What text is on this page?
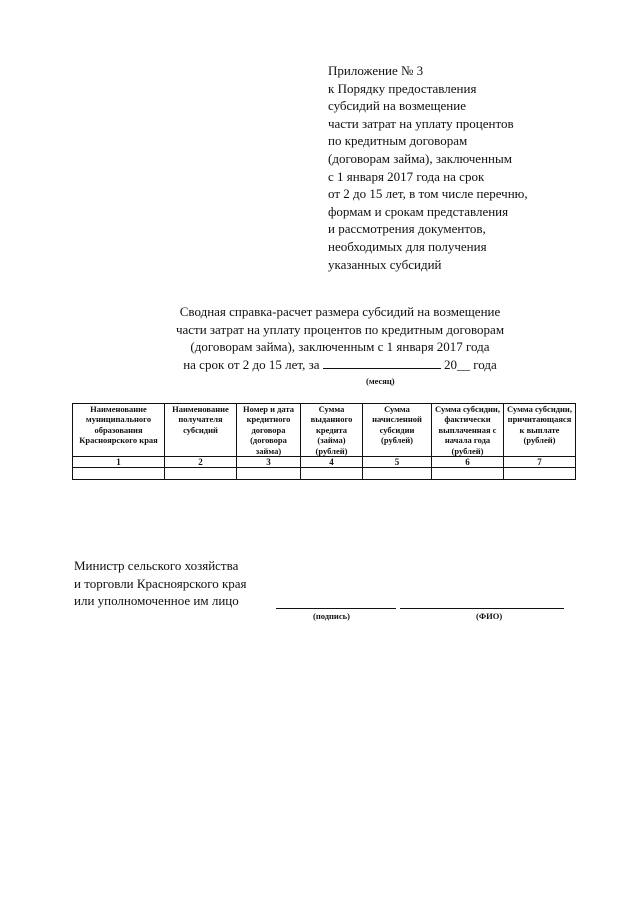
Приложение № 3
к Порядку предоставления
субсидий на возмещение
части затрат на уплату процентов
по кредитным договорам
(договорам займа), заключенным
с 1 января 2017 года на срок
от 2 до 15 лет, в том числе перечню,
формам и срокам представления
и рассмотрения документов,
необходимых для получения
указанных субсидий
Сводная справка-расчет размера субсидий на возмещение
части затрат на уплату процентов по кредитным договорам
(договорам займа), заключенным с 1 января 2017 года
на срок от 2 до 15 лет, за	20__ года
(месяц)
Наименование муниципального образования Красноярского края	Наименование получателя субсидий	Номер и дата кредитного договора (договора займа)	Сумма выданного кредита (займа) (рублей)	Сумма начисленной субсидии (рублей)	Сумма субсидии, фактически выплаченная с начала года (рублей)	Сумма субсидии, причитающаяся к выплате (рублей)
1	2	3	4	5	6	7

Министр сельского хозяйства
и торговли Красноярского края
или уполномоченное им лицо
(подпись)	(ФИО)
